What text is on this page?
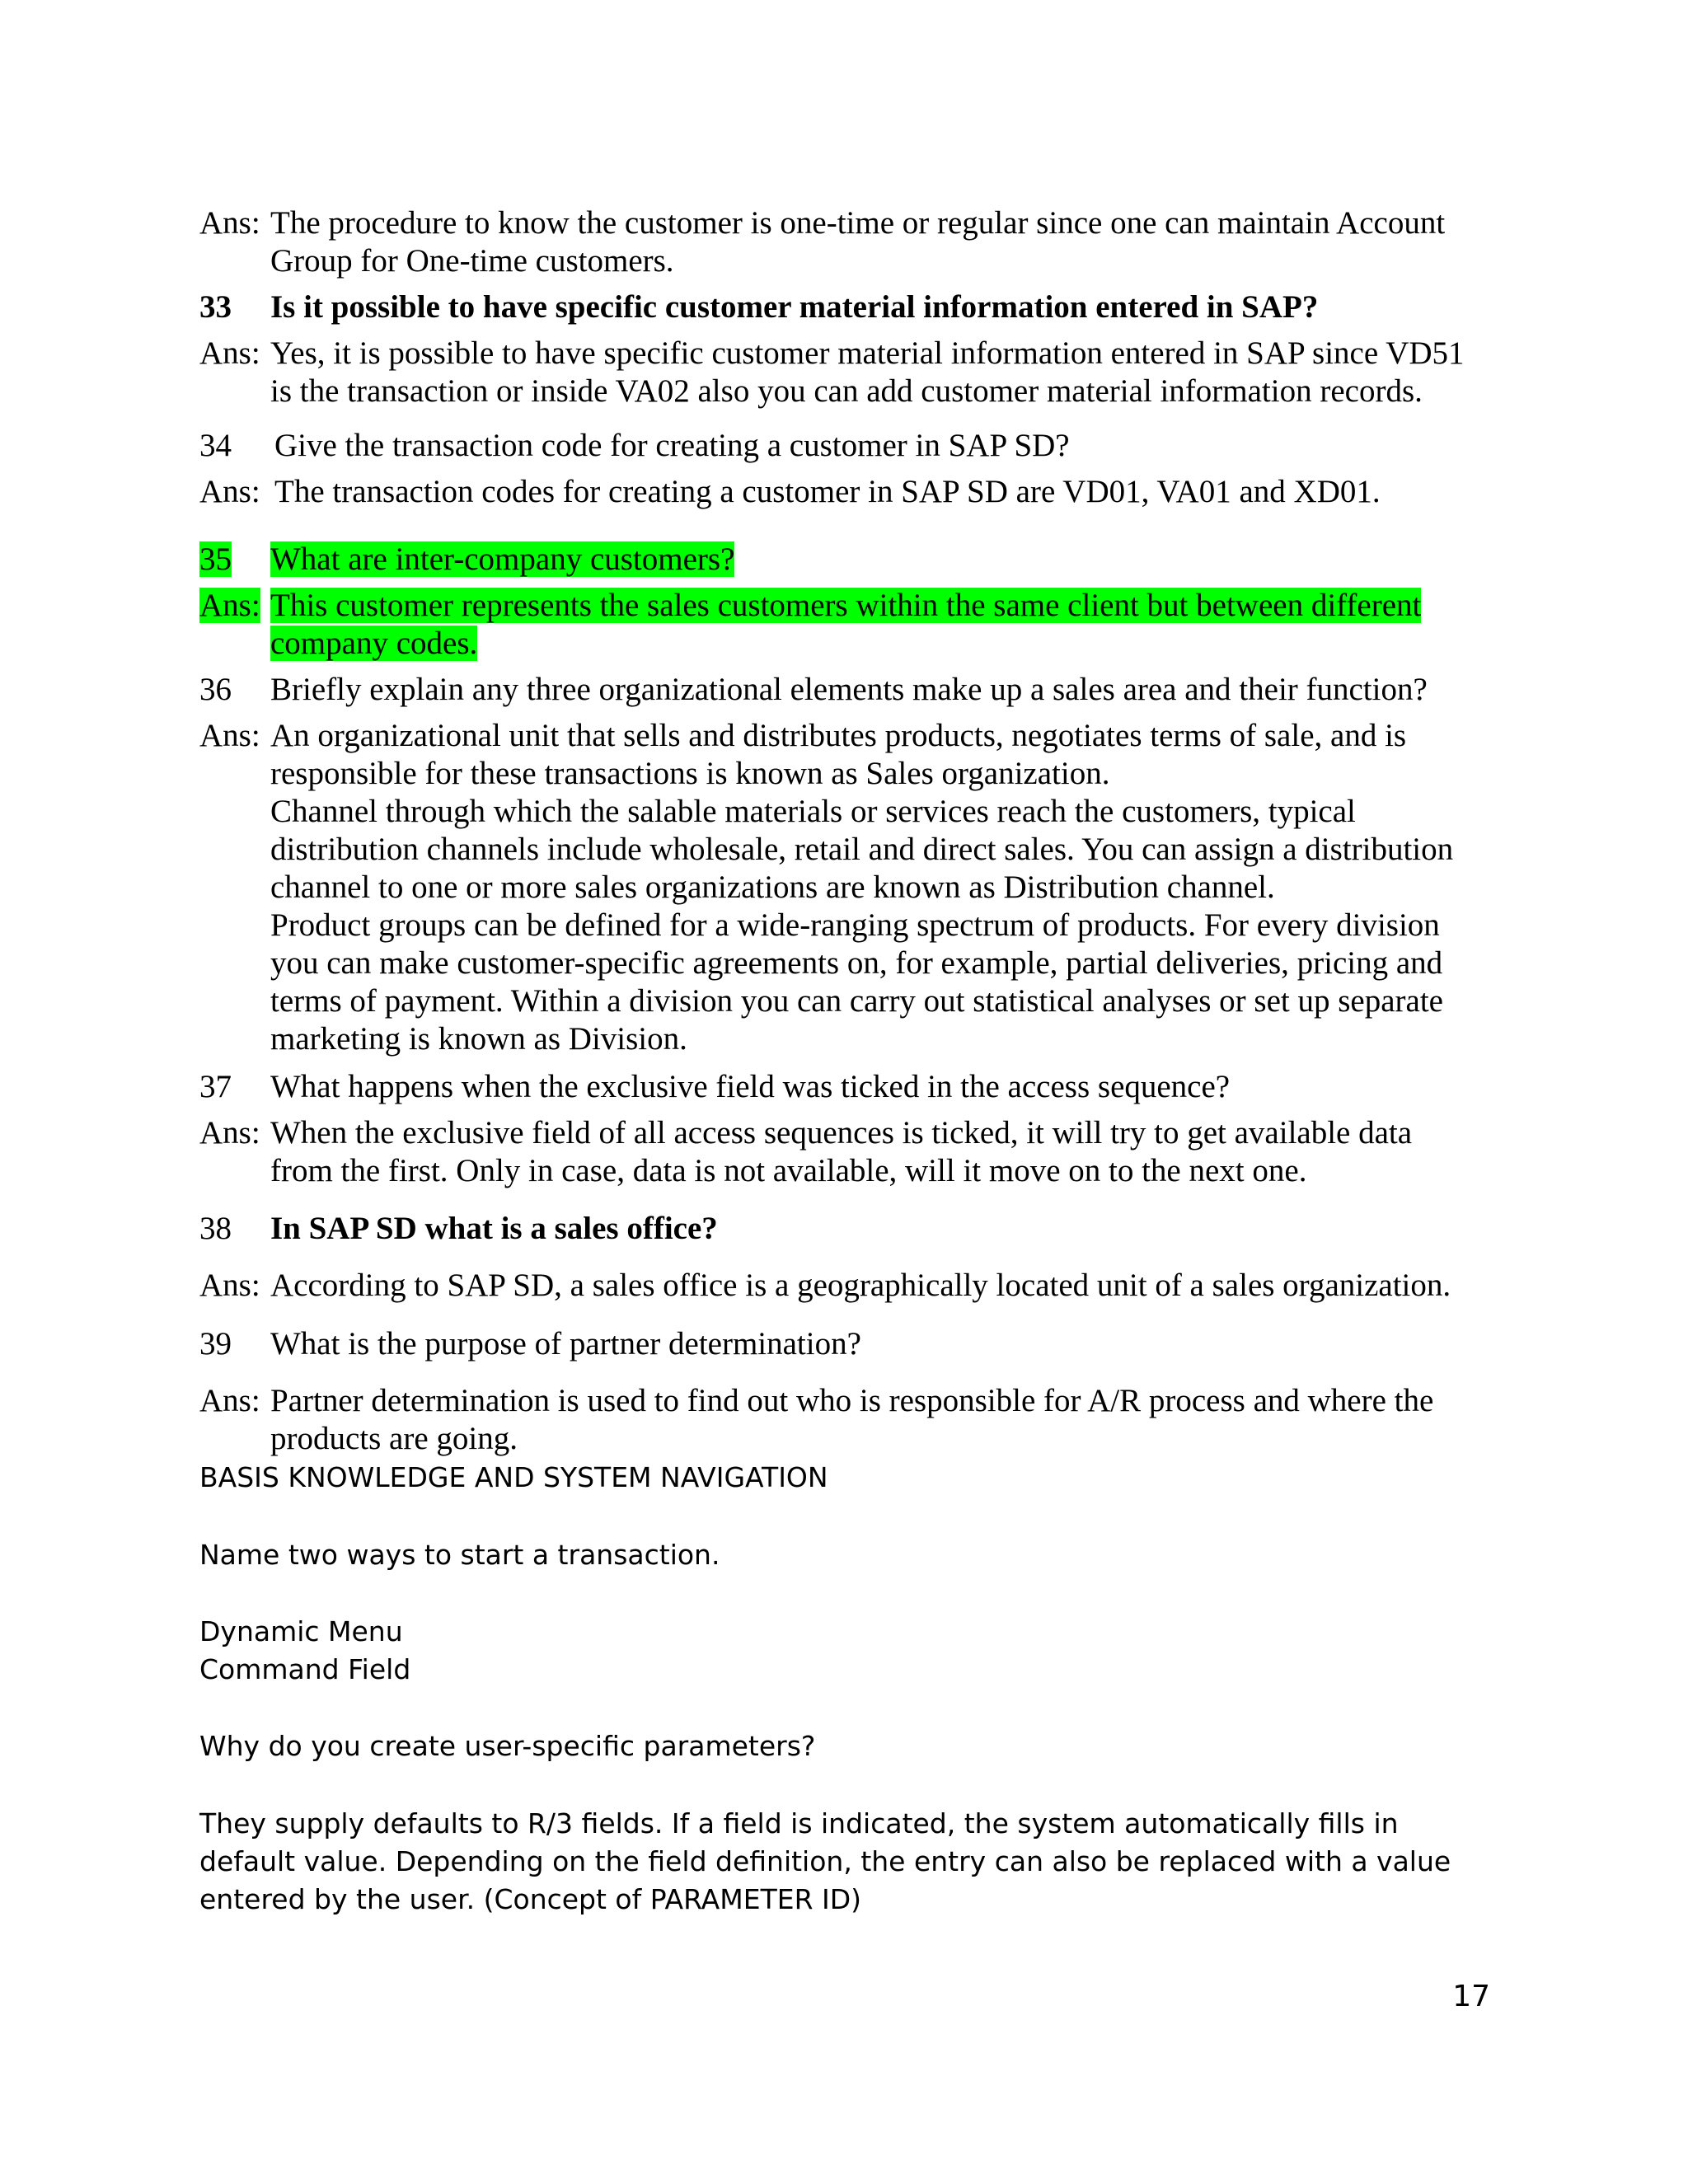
Ans: The procedure to know the customer is one-time or regular since one can maintain Account
Group for One-time customers.
33 Is it possible to have specific customer material information entered in SAP?
Ans: Yes, it is possible to have specific customer material information entered in SAP since VD51
is the transaction or inside VA02 also you can add customer material information records.
34 Give the transaction code for creating a customer in SAP SD?
Ans: The transaction codes for creating a customer in SAP SD are VD01, VA01 and XD01.
35 What are inter-company customers?
Ans: This customer represents the sales customers within the same client but between different
company codes.
36 Briefly explain any three organizational elements make up a sales area and their function?
Ans: An organizational unit that sells and distributes products, negotiates terms of sale, and is
responsible for these transactions is known as Sales organization.
Channel through which the salable materials or services reach the customers, typical
distribution channels include wholesale, retail and direct sales. You can assign a distribution
channel to one or more sales organizations are known as Distribution channel.
Product groups can be defined for a wide-ranging spectrum of products. For every division
you can make customer-specific agreements on, for example, partial deliveries, pricing and
terms of payment. Within a division you can carry out statistical analyses or set up separate
marketing is known as Division.
37 What happens when the exclusive field was ticked in the access sequence?
Ans: When the exclusive field of all access sequences is ticked, it will try to get available data
from the first. Only in case, data is not available, will it move on to the next one.
38 In SAP SD what is a sales office?
Ans: According to SAP SD, a sales office is a geographically located unit of a sales organization.
39 What is the purpose of partner determination?
Ans: Partner determination is used to find out who is responsible for A/R process and where the
products are going.
BASIS KNOWLEDGE AND SYSTEM NAVIGATION
Name two ways to start a transaction.
Dynamic Menu
Command Field
Why do you create user-specific parameters?
They supply defaults to R/3 fields. If a field is indicated, the system automatically fills in
default value. Depending on the field definition, the entry can also be replaced with a value
entered by the user. (Concept of PARAMETER ID)
17
